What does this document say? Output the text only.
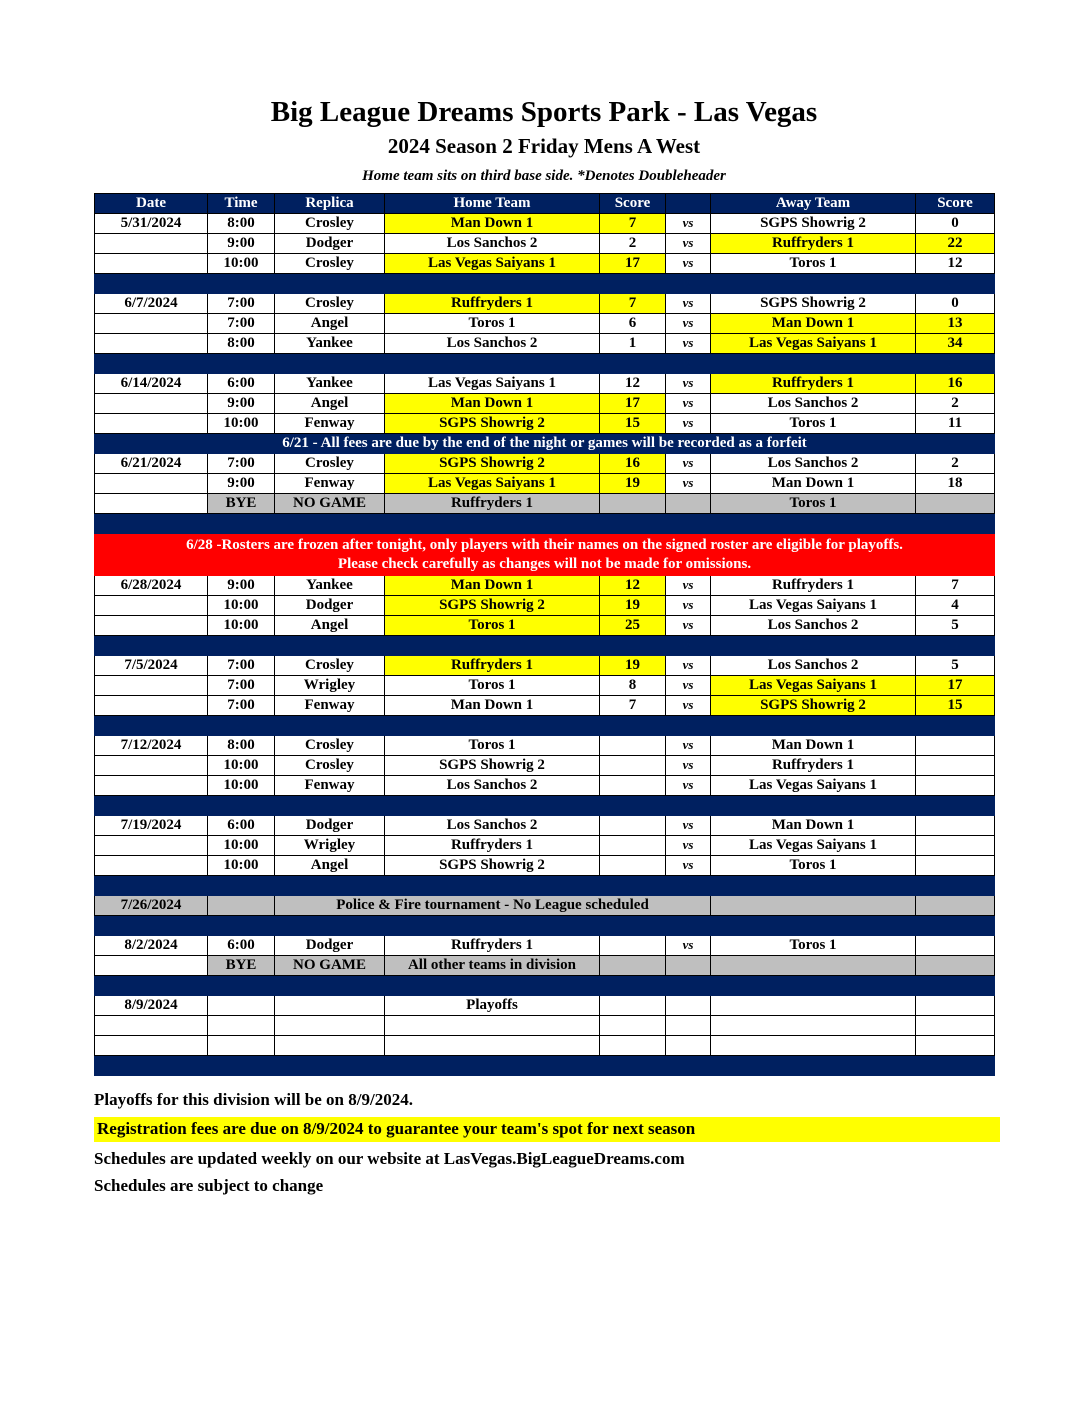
Big League Dreams Sports Park - Las Vegas
2024 Season 2 Friday Mens A West
Home team sits on third base side. *Denotes Doubleheader
Date	Time	Replica	Home Team	Score		Away Team	Score
5/31/2024	8:00	Crosley	Man Down 1	7	vs	SGPS Showrig 2	0
	9:00	Dodger	Los Sanchos 2	2	vs	Ruffryders 1	22
	10:00	Crosley	Las Vegas Saiyans 1	17	vs	Toros 1	12

6/7/2024	7:00	Crosley	Ruffryders 1	7	vs	SGPS Showrig 2	0
	7:00	Angel	Toros 1	6	vs	Man Down 1	13
	8:00	Yankee	Los Sanchos 2	1	vs	Las Vegas Saiyans 1	34

6/14/2024	6:00	Yankee	Las Vegas Saiyans 1	12	vs	Ruffryders 1	16
	9:00	Angel	Man Down 1	17	vs	Los Sanchos 2	2
	10:00	Fenway	SGPS Showrig 2	15	vs	Toros 1	11
6/21 - All fees are due by the end of the night or games will be recorded as a forfeit							
6/21/2024	7:00	Crosley	SGPS Showrig 2	16	vs	Los Sanchos 2	2
	9:00	Fenway	Las Vegas Saiyans 1	19	vs	Man Down 1	18
	BYE	NO GAME	Ruffryders 1			Toros 1	

6/28 -Rosters are frozen after tonight, only players with their names on the signed roster are eligible for playoffs.
Please check carefully as changes will not be made for omissions.							

6/28/2024	9:00	Yankee	Man Down 1	12	vs	Ruffryders 1	7
	10:00	Dodger	SGPS Showrig 2	19	vs	Las Vegas Saiyans 1	4
	10:00	Angel	Toros 1	25	vs	Los Sanchos 2	5

7/5/2024	7:00	Crosley	Ruffryders 1	19	vs	Los Sanchos 2	5
	7:00	Wrigley	Toros 1	8	vs	Las Vegas Saiyans 1	17
	7:00	Fenway	Man Down 1	7	vs	SGPS Showrig 2	15

7/12/2024	8:00	Crosley	Toros 1		vs	Man Down 1	
	10:00	Crosley	SGPS Showrig 2		vs	Ruffryders 1	
	10:00	Fenway	Los Sanchos 2		vs	Las Vegas Saiyans 1	

7/19/2024	6:00	Dodger	Los Sanchos 2		vs	Man Down 1	
	10:00	Wrigley	Ruffryders 1		vs	Las Vegas Saiyans 1	
	10:00	Angel	SGPS Showrig 2		vs	Toros 1	

7/26/2024		Police & Fire tournament - No League scheduled					

8/2/2024	6:00	Dodger	Ruffryders 1		vs	Toros 1	
	BYE	NO GAME	All other teams in division				

8/9/2024			Playoffs				

Playoffs for this division will be on 8/9/2024.
Registration fees are due on 8/9/2024 to guarantee your team's spot for next season
Schedules are updated weekly on our website at LasVegas.BigLeagueDreams.com
Schedules are subject to change
